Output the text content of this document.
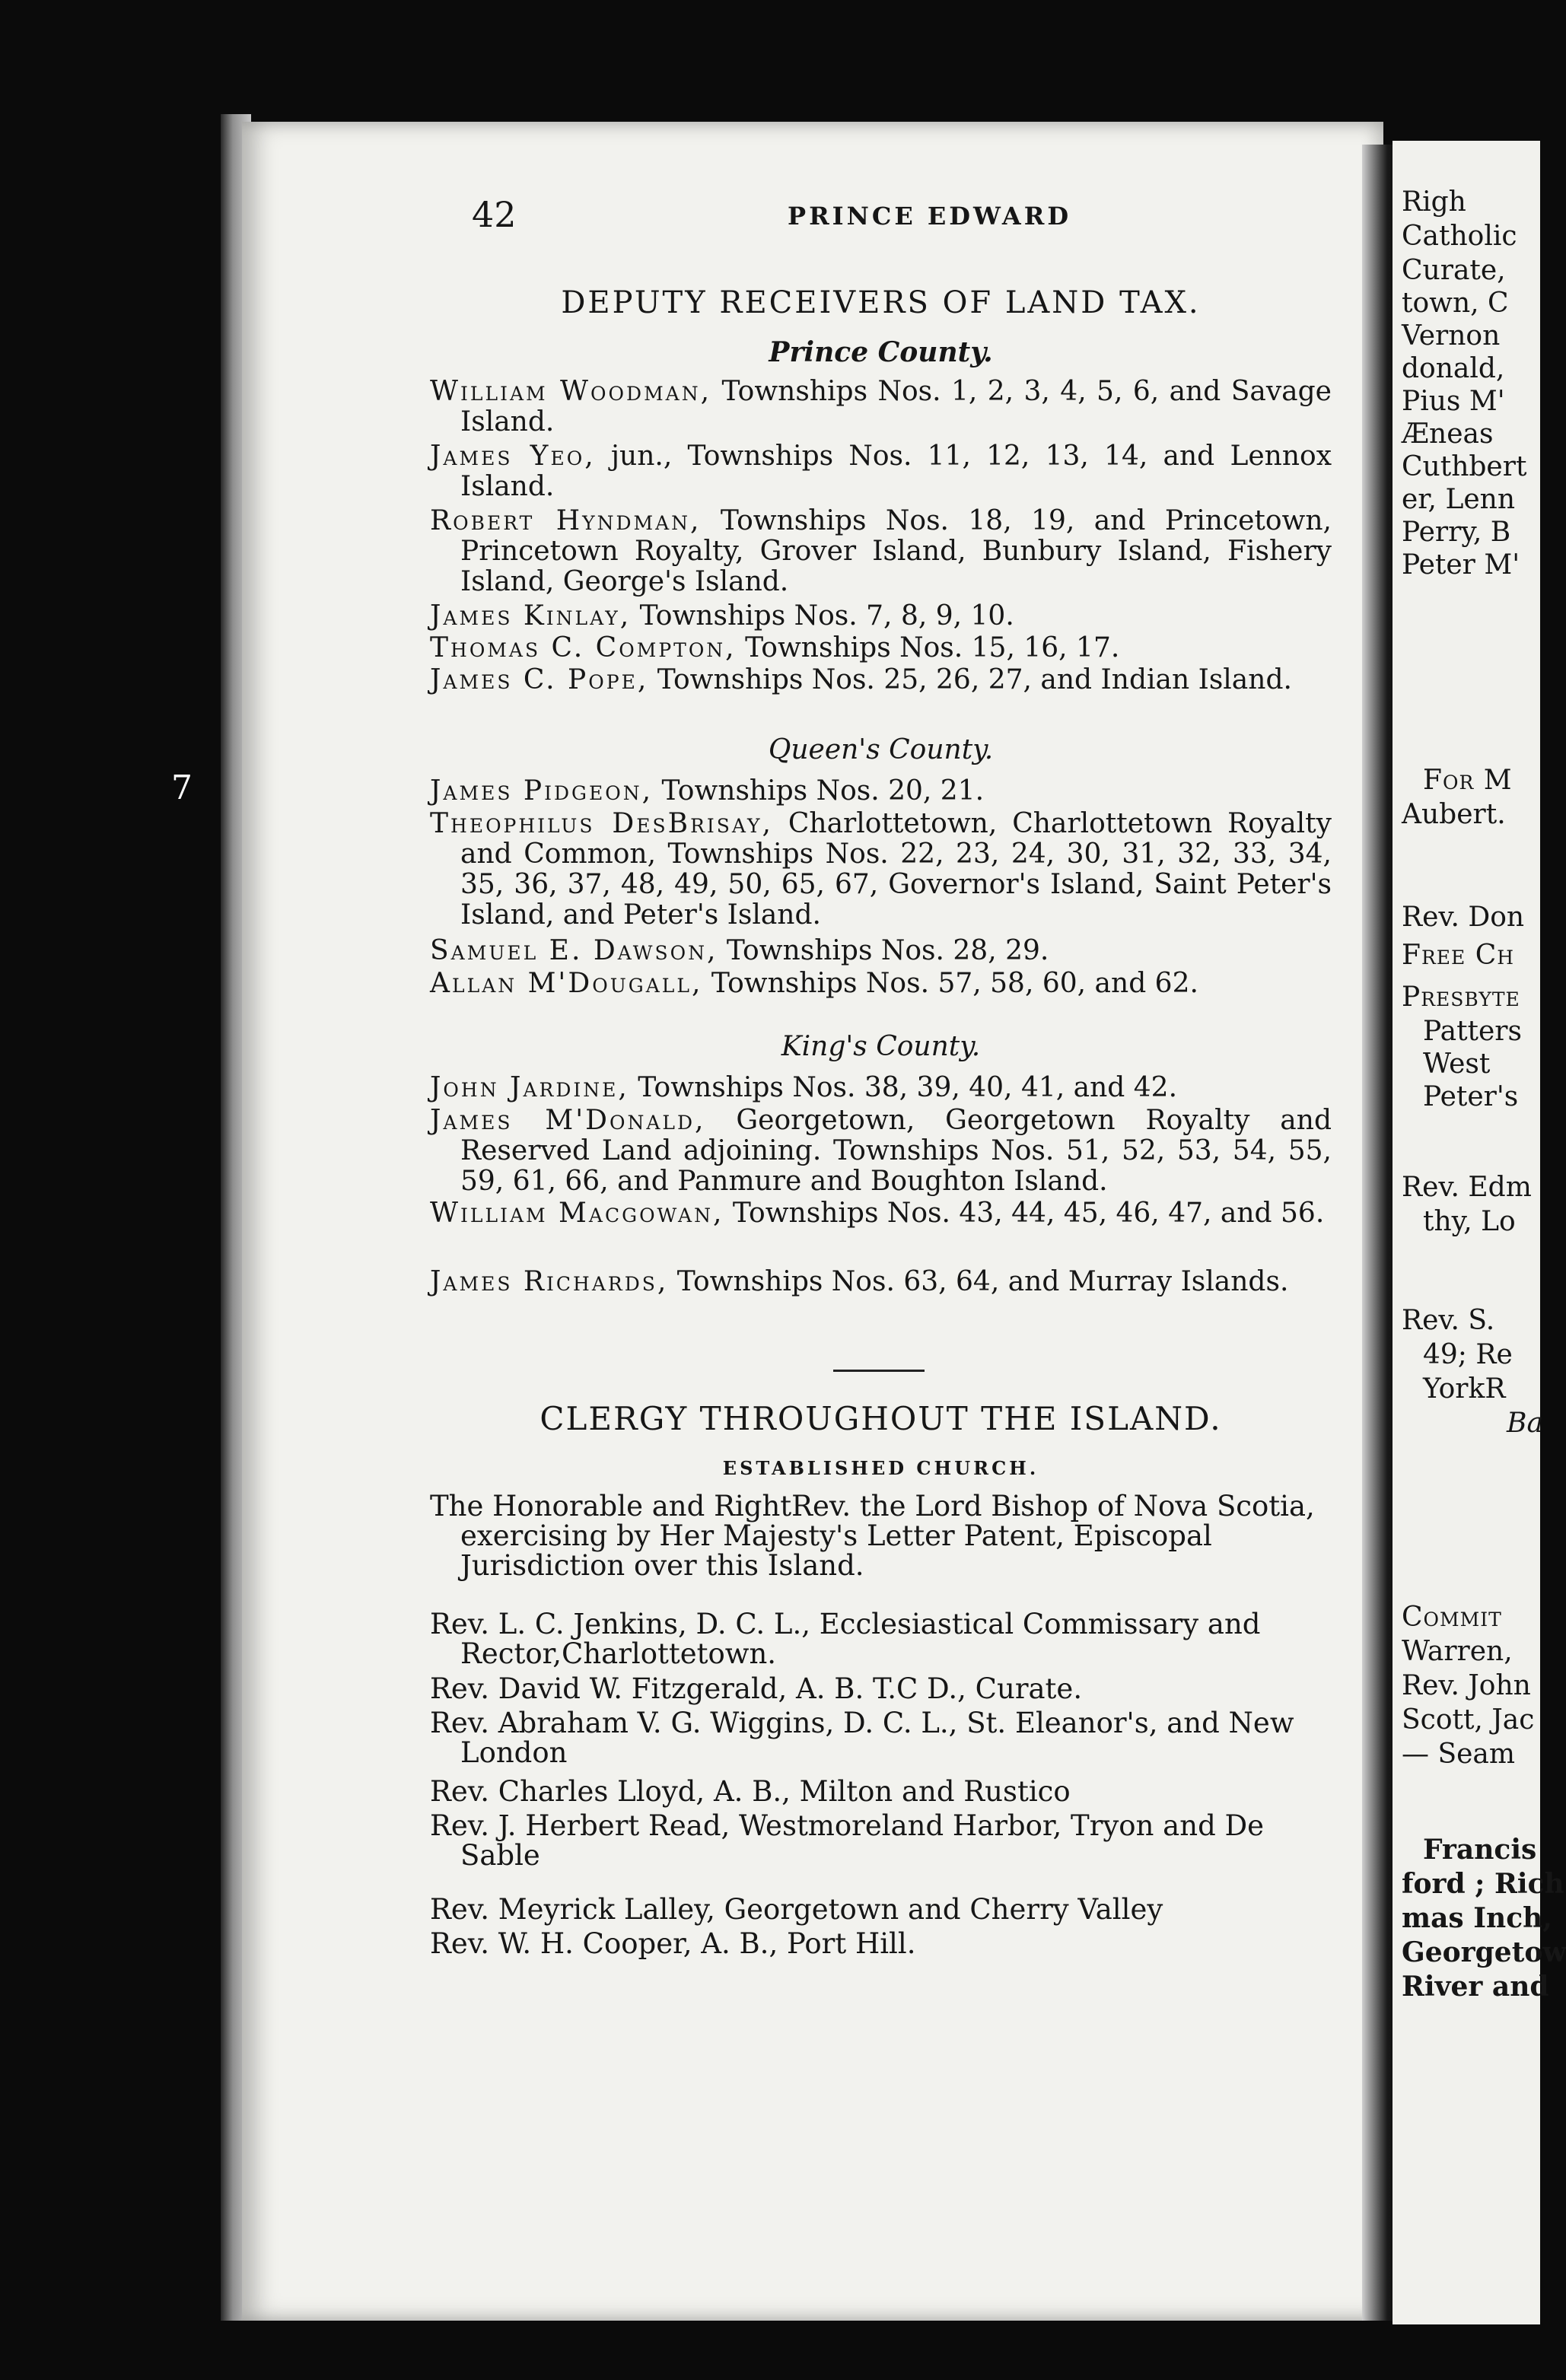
7
Righ
Catholic
Curate,
town, C
Vernon
donald,
Pius M'
Æneas
Cuthbert
er, Lenn
Perry, B
Peter M'
For M
Aubert.
Rev. Don
Free Ch
Presbyte
Patters
West
Peter's
Rev. Edm
thy, Lo
Rev. S.
49; Re
YorkR
Ba
Commit
Warren,
Rev. John
Scott, Jac
— Seam
Francis
ford ; Rich
mas Inch,
Georgetow
River and
42	PRINCE EDWARD
DEPUTY RECEIVERS OF LAND TAX.
Prince County.
William Woodman, Townships Nos. 1, 2, 3, 4, 5, 6, and Savage Island.
James Yeo, jun., Townships Nos. 11, 12, 13, 14, and Lennox Island.
Robert Hyndman, Townships Nos. 18, 19, and Princetown, Princetown Royalty, Grover Island, Bunbury Island, Fishery Island, George's Island.
James Kinlay, Townships Nos. 7, 8, 9, 10.
Thomas C. Compton, Townships Nos. 15, 16, 17.
James C. Pope, Townships Nos. 25, 26, 27, and Indian Island.
Queen's County.
James Pidgeon, Townships Nos. 20, 21.
Theophilus DesBrisay, Charlottetown, Charlottetown Royalty and Common, Townships Nos. 22, 23, 24, 30, 31, 32, 33, 34, 35, 36, 37, 48, 49, 50, 65, 67, Governor's Island, Saint Peter's Island, and Peter's Island.
Samuel E. Dawson, Townships Nos. 28, 29.
Allan M'Dougall, Townships Nos. 57, 58, 60, and 62.
King's County.
John Jardine, Townships Nos. 38, 39, 40, 41, and 42.
James M'Donald, Georgetown, Georgetown Royalty and Reserved Land adjoining. Townships Nos. 51, 52, 53, 54, 55, 59, 61, 66, and Panmure and Boughton Island.
William Macgowan, Townships Nos. 43, 44, 45, 46, 47, and 56.
James Richards, Townships Nos. 63, 64, and Murray Islands.
CLERGY THROUGHOUT THE ISLAND.
ESTABLISHED CHURCH.
The Honorable and RightRev. the Lord Bishop of Nova Scotia, exercising by Her Majesty's Letter Patent, Episcopal Jurisdiction over this Island.
Rev. L. C. Jenkins, D. C. L., Ecclesiastical Commissary and Rector,Charlottetown.
Rev. David W. Fitzgerald, A. B. T.C D., Curate.
Rev. Abraham V. G. Wiggins, D. C. L., St. Eleanor's, and New London
Rev. Charles Lloyd, A. B., Milton and Rustico
Rev. J. Herbert Read, Westmoreland Harbor, Tryon and De Sable
Rev. Meyrick Lalley, Georgetown and Cherry Valley
Rev. W. H. Cooper, A. B., Port Hill.
